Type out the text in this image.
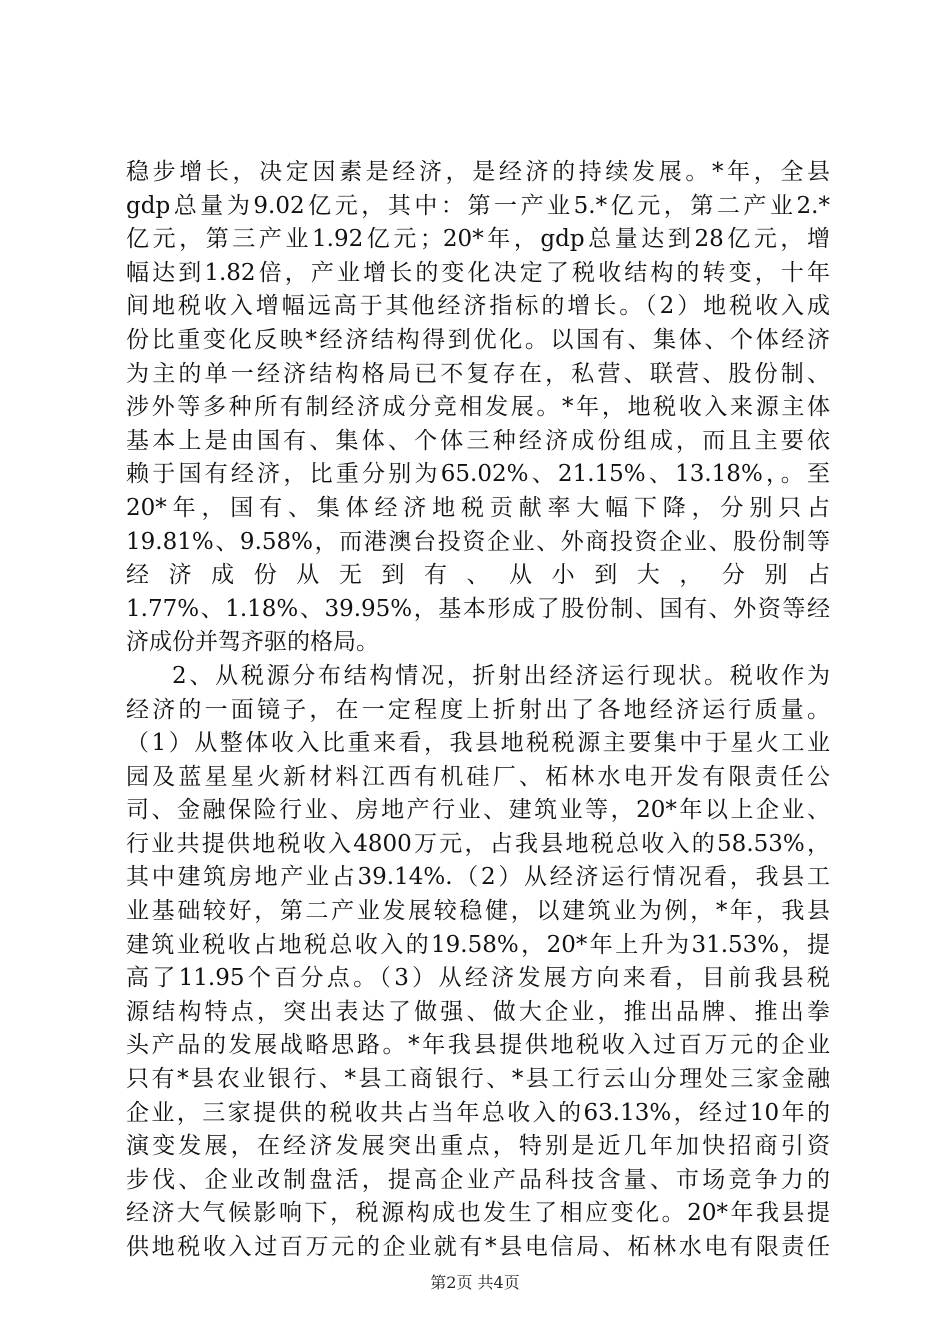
稳步增长，决定因素是经济，是经济的持续发展。*年，全县
gdp总量为9.02亿元，其中：第一产业5.*亿元，第二产业2.*
亿元，第三产业1.92亿元；20*年，gdp总量达到28亿元，增
幅达到1.82倍，产业增长的变化决定了税收结构的转变，十年
间地税收入增幅远高于其他经济指标的增长。（2）地税收入成
份比重变化反映*经济结构得到优化。以国有、集体、个体经济
为主的单一经济结构格局已不复存在，私营、联营、股份制、
涉外等多种所有制经济成分竞相发展。*年，地税收入来源主体
基本上是由国有、集体、个体三种经济成份组成，而且主要依
赖于国有经济，比重分别为65.02%、21.15%、13.18%，。至
20*年，国有、集体经济地税贡献率大幅下降，分别只占
19.81%、9.58%，而港澳台投资企业、外商投资企业、股份制等
经济成份从无到有、从小到大，分别占
1.77%、1.18%、39.95%，基本形成了股份制、国有、外资等经
济成份并驾齐驱的格局。
2、从税源分布结构情况，折射出经济运行现状。税收作为
经济的一面镜子，在一定程度上折射出了各地经济运行质量。
（1）从整体收入比重来看，我县地税税源主要集中于星火工业
园及蓝星星火新材料江西有机硅厂、柘林水电开发有限责任公
司、金融保险行业、房地产行业、建筑业等，20*年以上企业、
行业共提供地税收入4800万元，占我县地税总收入的58.53%，
其中建筑房地产业占39.14%.（2）从经济运行情况看，我县工
业基础较好，第二产业发展较稳健，以建筑业为例，*年，我县
建筑业税收占地税总收入的19.58%，20*年上升为31.53%，提
高了11.95个百分点。（3）从经济发展方向来看，目前我县税
源结构特点，突出表达了做强、做大企业，推出品牌、推出拳
头产品的发展战略思路。*年我县提供地税收入过百万元的企业
只有*县农业银行、*县工商银行、*县工行云山分理处三家金融
企业，三家提供的税收共占当年总收入的63.13%，经过10年的
演变发展，在经济发展突出重点，特别是近几年加快招商引资
步伐、企业改制盘活，提高企业产品科技含量、市场竞争力的
经济大气候影响下，税源构成也发生了相应变化。20*年我县提
供地税收入过百万元的企业就有*县电信局、柘林水电有限责任
第2页 共4页
